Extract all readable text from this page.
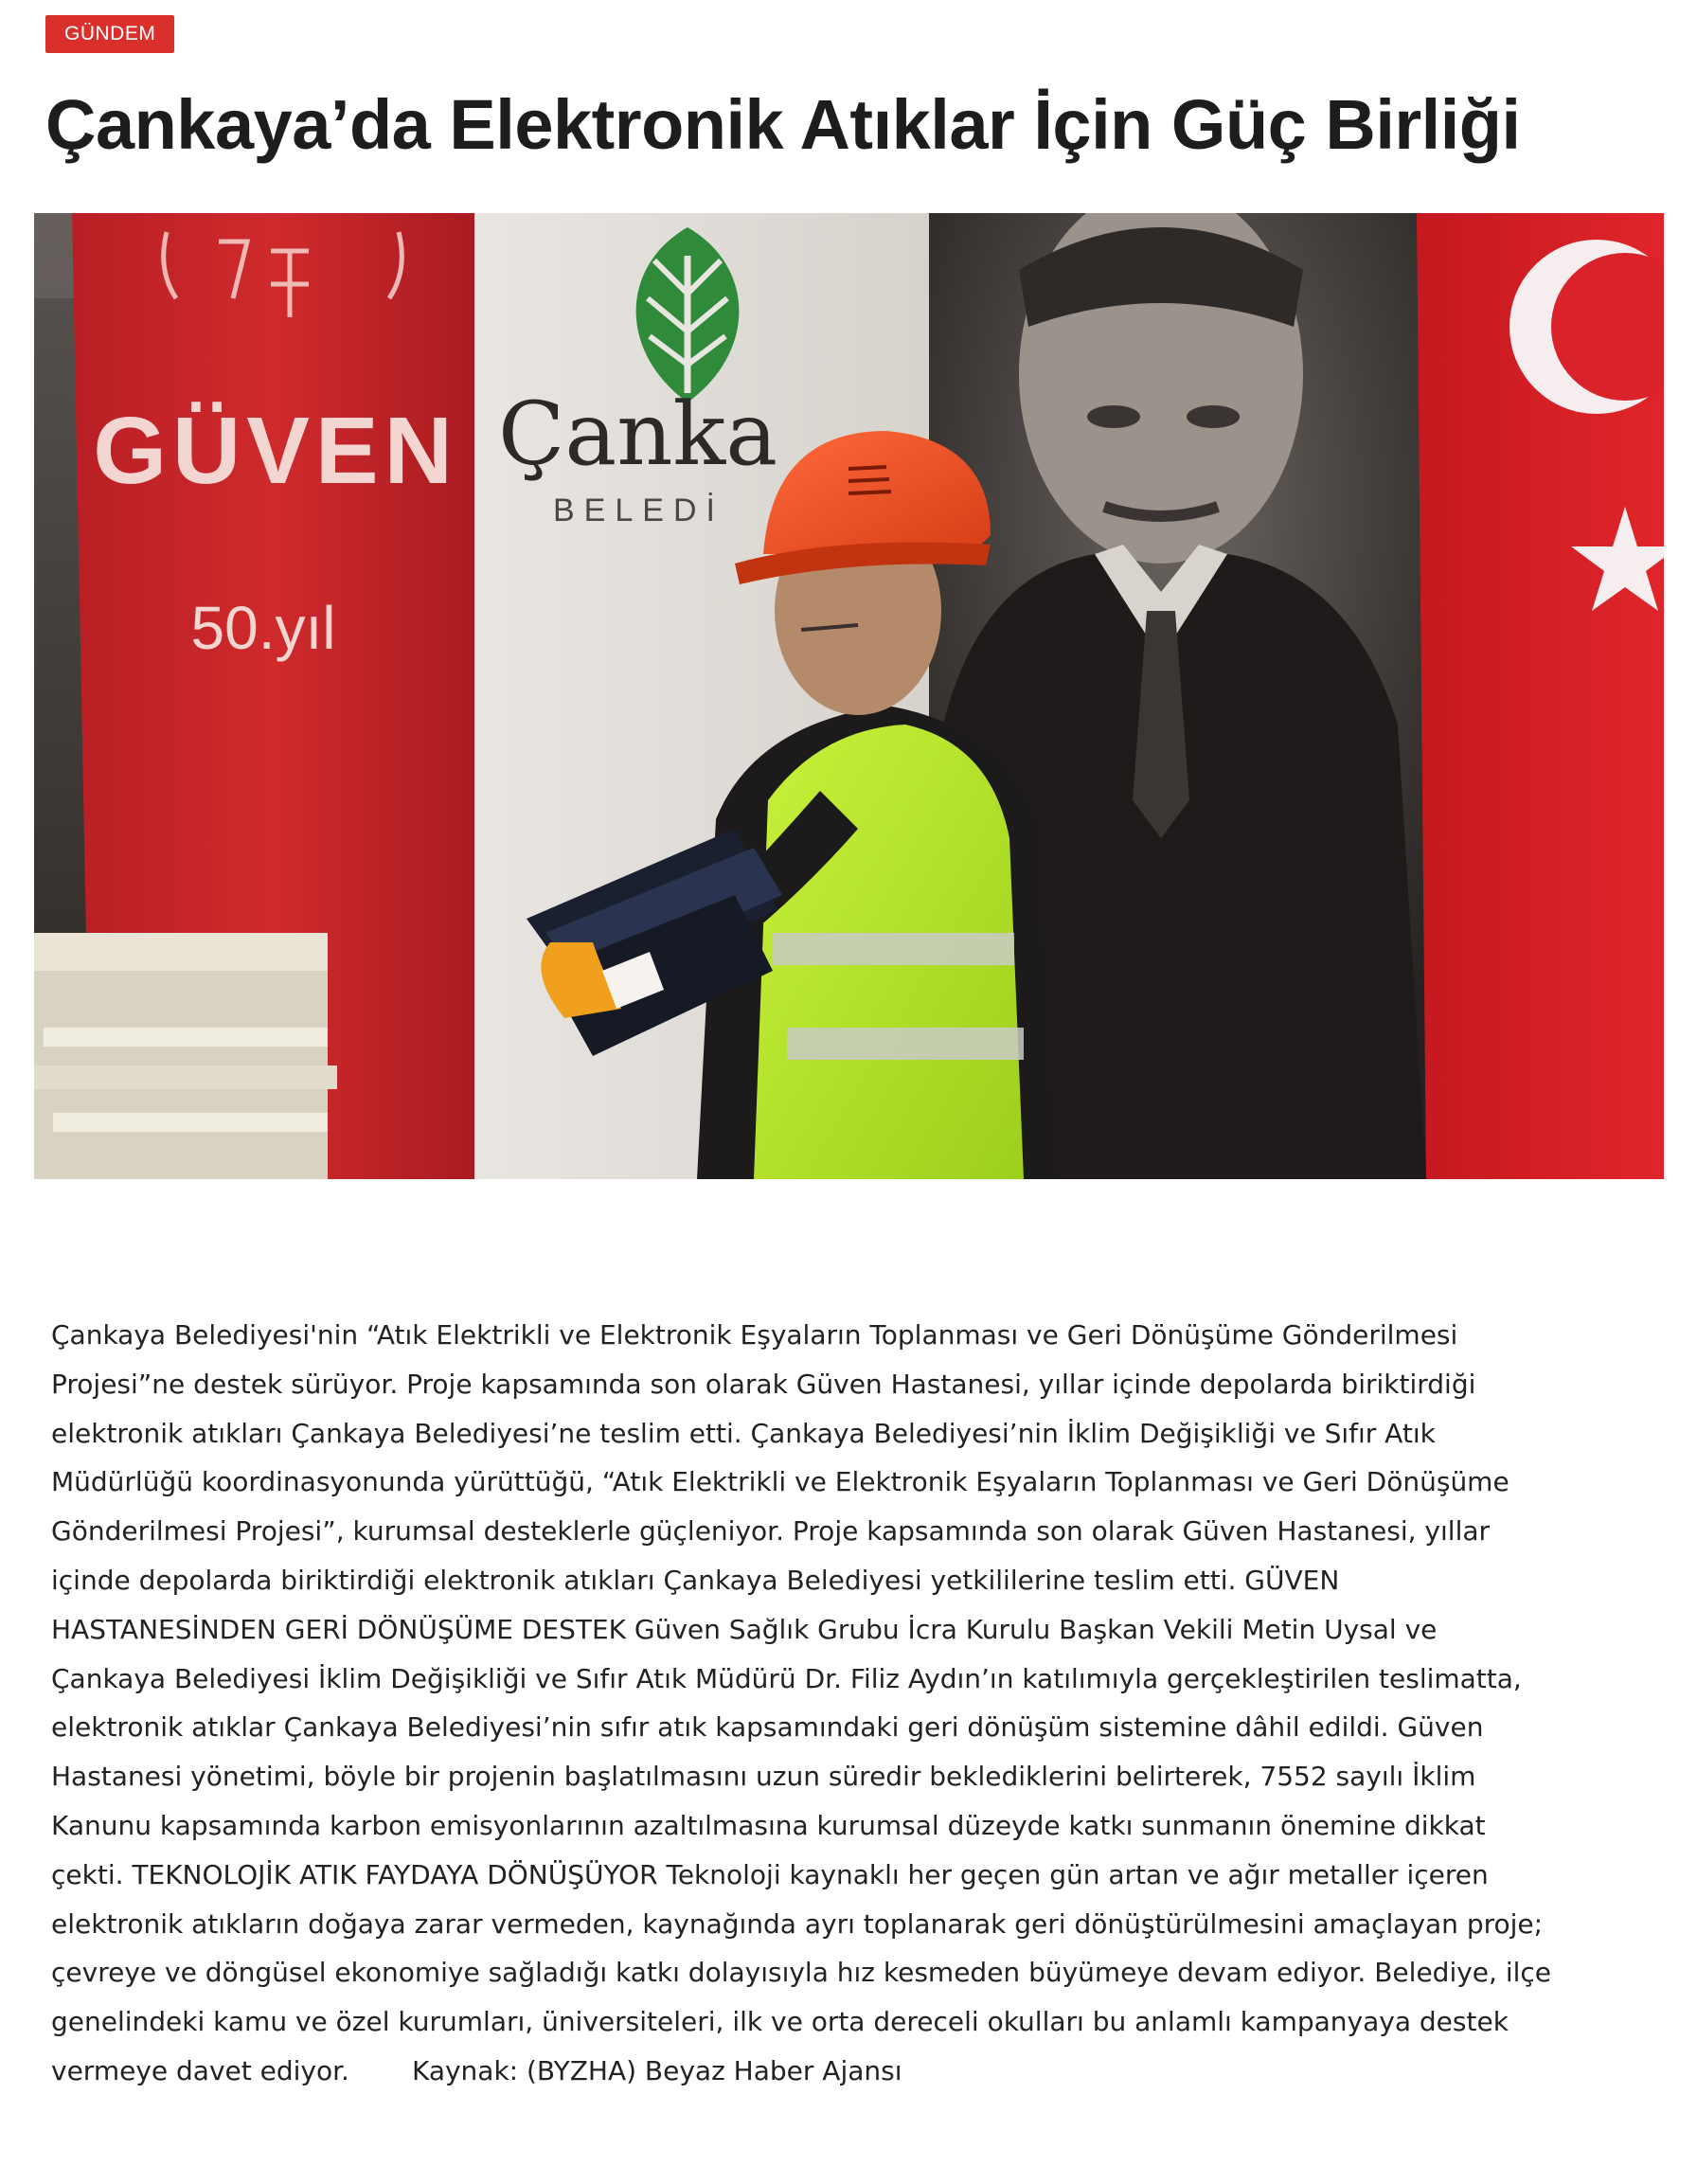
GÜNDEM
Çankaya’da Elektronik Atıklar İçin Güç Birliği
GÜVEN
50.yıl
Çanka
BELEDİ

Çankaya Belediyesi'nin “Atık Elektrikli ve Elektronik Eşyaların Toplanması ve Geri Dönüşüme Gönderilmesi

Projesi”ne destek sürüyor. Proje kapsamında son olarak Güven Hastanesi, yıllar içinde depolarda biriktirdiği

elektronik atıkları Çankaya Belediyesi’ne teslim etti. Çankaya Belediyesi’nin İklim Değişikliği ve Sıfır Atık

Müdürlüğü koordinasyonunda yürüttüğü, “Atık Elektrikli ve Elektronik Eşyaların Toplanması ve Geri Dönüşüme

Gönderilmesi Projesi”, kurumsal desteklerle güçleniyor. Proje kapsamında son olarak Güven Hastanesi, yıllar

içinde depolarda biriktirdiği elektronik atıkları Çankaya Belediyesi yetkililerine teslim etti. GÜVEN

HASTANESİNDEN GERİ DÖNÜŞÜME DESTEK Güven Sağlık Grubu İcra Kurulu Başkan Vekili Metin Uysal ve

Çankaya Belediyesi İklim Değişikliği ve Sıfır Atık Müdürü Dr. Filiz Aydın’ın katılımıyla gerçekleştirilen teslimatta,

elektronik atıklar Çankaya Belediyesi’nin sıfır atık kapsamındaki geri dönüşüm sistemine dâhil edildi. Güven

Hastanesi yönetimi, böyle bir projenin başlatılmasını uzun süredir beklediklerini belirterek, 7552 sayılı İklim

Kanunu kapsamında karbon emisyonlarının azaltılmasına kurumsal düzeyde katkı sunmanın önemine dikkat

çekti. TEKNOLOJİK ATIK FAYDAYA DÖNÜŞÜYOR Teknoloji kaynaklı her geçen gün artan ve ağır metaller içeren

elektronik atıkların doğaya zarar vermeden, kaynağında ayrı toplanarak geri dönüştürülmesini amaçlayan proje;

çevreye ve döngüsel ekonomiye sağladığı katkı dolayısıyla hız kesmeden büyümeye devam ediyor. Belediye, ilçe

genelindeki kamu ve özel kurumları, üniversiteleri, ilk ve orta dereceli okulları bu anlamlı kampanyaya destek

vermeye davet ediyor. Kaynak: (BYZHA) Beyaz Haber Ajansı
